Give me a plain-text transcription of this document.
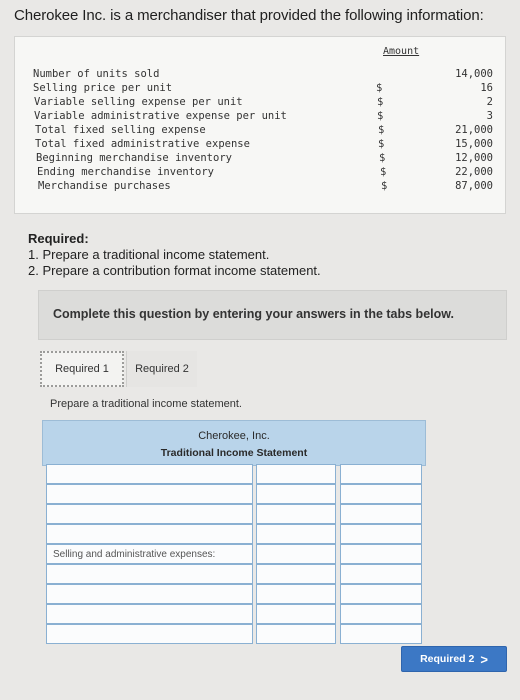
Cherokee Inc. is a merchandiser that provided the following information:
Amount
Number of units sold	14,000
Selling price per unit	$	16
Variable selling expense per unit	$	2
Variable administrative expense per unit	$	3
Total fixed selling expense	$	21,000
Total fixed administrative expense	$	15,000
Beginning merchandise inventory	$	12,000
Ending merchandise inventory	$	22,000
Merchandise purchases	$	87,000
Required:
1. Prepare a traditional income statement.
2. Prepare a contribution format income statement.
Complete this question by entering your answers in the tabs below.
Required 1	Required 2
Prepare a traditional income statement.
Cherokee, Inc.
Traditional Income Statement
Selling and administrative expenses:
Required 2 >
